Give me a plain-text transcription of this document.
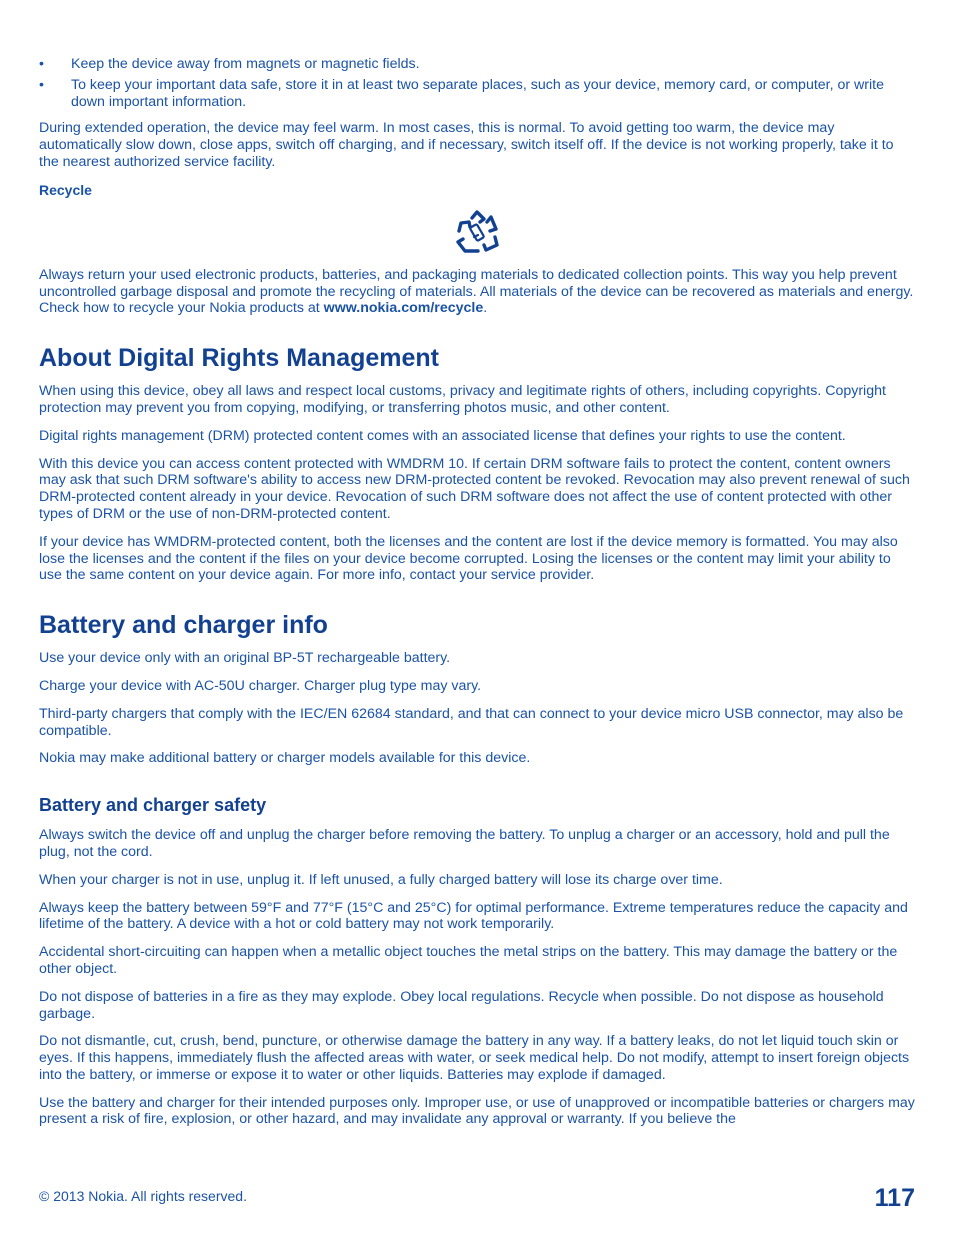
• Keep the device away from magnets or magnetic fields.
• To keep your important data safe, store it in at least two separate places, such as your device, memory card, or computer, or write down important information.

During extended operation, the device may feel warm. In most cases, this is normal. To avoid getting too warm, the device may automatically slow down, close apps, switch off charging, and if necessary, switch itself off. If the device is not working properly, take it to the nearest authorized service facility.

Recycle

Always return your used electronic products, batteries, and packaging materials to dedicated collection points. This way you help prevent uncontrolled garbage disposal and promote the recycling of materials. All materials of the device can be recovered as materials and energy. Check how to recycle your Nokia products at www.nokia.com/recycle.

About Digital Rights Management

When using this device, obey all laws and respect local customs, privacy and legitimate rights of others, including copyrights. Copyright protection may prevent you from copying, modifying, or transferring photos music, and other content.

Digital rights management (DRM) protected content comes with an associated license that defines your rights to use the content.

With this device you can access content protected with WMDRM 10. If certain DRM software fails to protect the content, content owners may ask that such DRM software's ability to access new DRM-protected content be revoked. Revocation may also prevent renewal of such DRM-protected content already in your device. Revocation of such DRM software does not affect the use of content protected with other types of DRM or the use of non-DRM-protected content.

If your device has WMDRM-protected content, both the licenses and the content are lost if the device memory is formatted. You may also lose the licenses and the content if the files on your device become corrupted. Losing the licenses or the content may limit your ability to use the same content on your device again. For more info, contact your service provider.

Battery and charger info

Use your device only with an original BP-5T rechargeable battery.

Charge your device with AC-50U charger. Charger plug type may vary.

Third-party chargers that comply with the IEC/EN 62684 standard, and that can connect to your device micro USB connector, may also be compatible.

Nokia may make additional battery or charger models available for this device.

Battery and charger safety

Always switch the device off and unplug the charger before removing the battery. To unplug a charger or an accessory, hold and pull the plug, not the cord.

When your charger is not in use, unplug it. If left unused, a fully charged battery will lose its charge over time.

Always keep the battery between 59°F and 77°F (15°C and 25°C) for optimal performance. Extreme temperatures reduce the capacity and lifetime of the battery. A device with a hot or cold battery may not work temporarily.

Accidental short-circuiting can happen when a metallic object touches the metal strips on the battery. This may damage the battery or the other object.

Do not dispose of batteries in a fire as they may explode. Obey local regulations. Recycle when possible. Do not dispose as household garbage.

Do not dismantle, cut, crush, bend, puncture, or otherwise damage the battery in any way. If a battery leaks, do not let liquid touch skin or eyes. If this happens, immediately flush the affected areas with water, or seek medical help. Do not modify, attempt to insert foreign objects into the battery, or immerse or expose it to water or other liquids. Batteries may explode if damaged.

Use the battery and charger for their intended purposes only. Improper use, or use of unapproved or incompatible batteries or chargers may present a risk of fire, explosion, or other hazard, and may invalidate any approval or warranty. If you believe the

© 2013 Nokia. All rights reserved.	117
